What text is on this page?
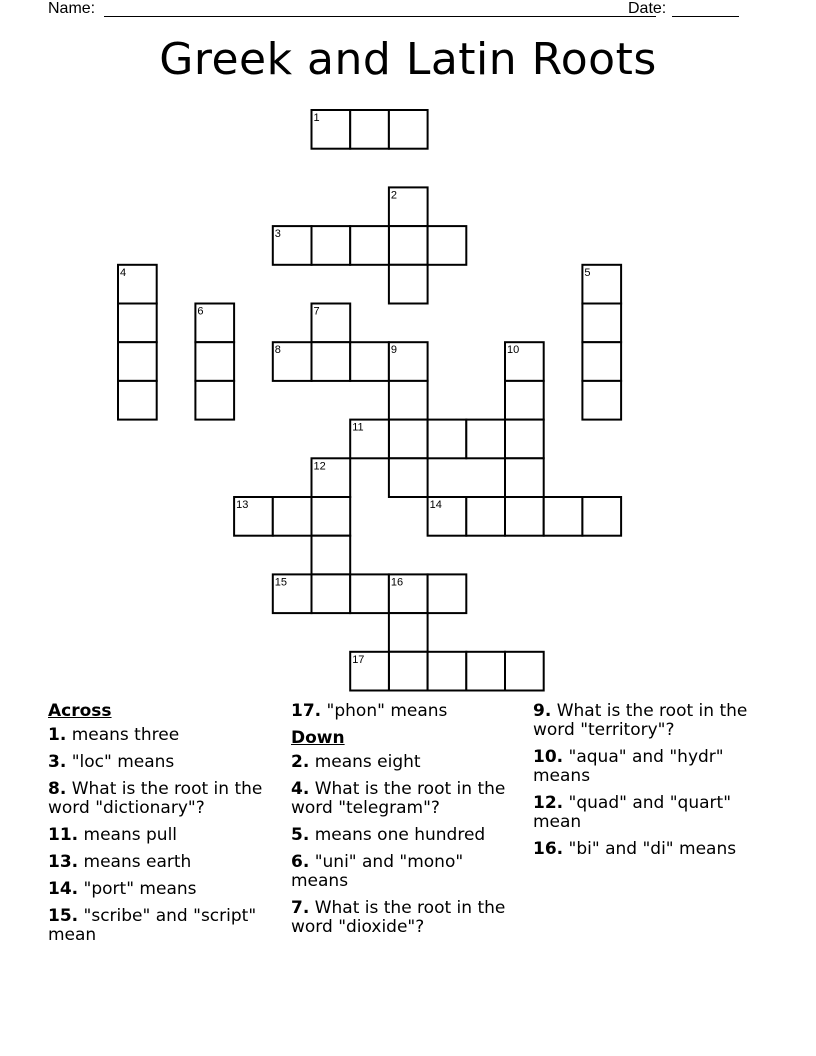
Name:	Date:
Greek and Latin Roots
1
2
3
4	5
6	7
8	9	10
11
12
13	14
15	16
17
Across
1. means three
3. "loc" means
8. What is the root in the word "dictionary"?
11. means pull
13. means earth
14. "port" means
15. "scribe" and "script" mean
17. "phon" means
Down
2. means eight
4. What is the root in the word "telegram"?
5. means one hundred
6. "uni" and "mono" means
7. What is the root in the word "dioxide"?
9. What is the root in the word "territory"?
10. "aqua" and "hydr" means
12. "quad" and "quart" mean
16. "bi" and "di" means
